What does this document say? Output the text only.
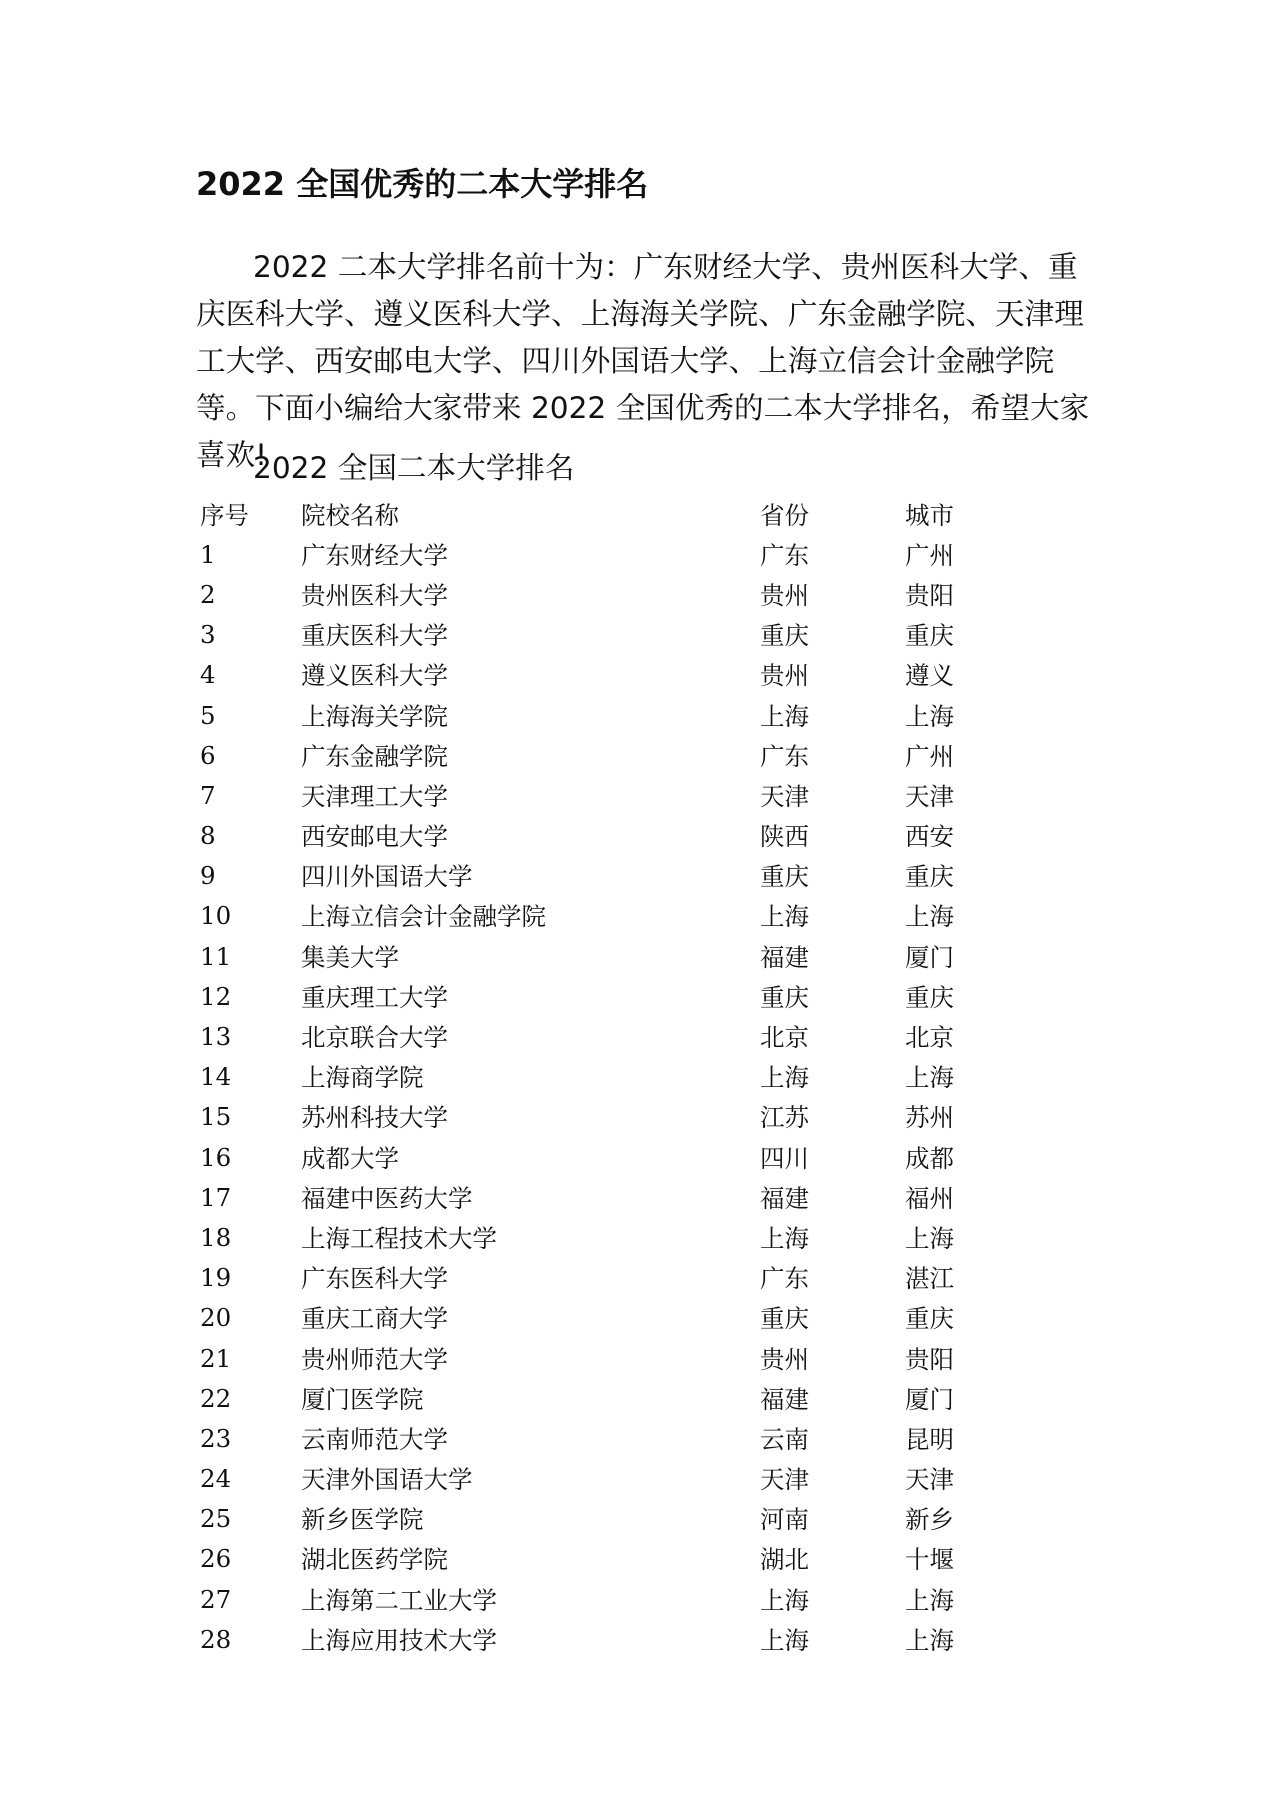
2022 全国优秀的二本大学排名

2022 二本大学排名前十为：广东财经大学、贵州医科大学、重庆医科大学、遵义医科大学、上海海关学院、广东金融学院、天津理工大学、西安邮电大学、四川外国语大学、上海立信会计金融学院等。下面小编给大家带来 2022 全国优秀的二本大学排名，希望大家喜欢!

2022 全国二本大学排名
序号	院校名称	省份	城市
1	广东财经大学	广东	广州
2	贵州医科大学	贵州	贵阳
3	重庆医科大学	重庆	重庆
4	遵义医科大学	贵州	遵义
5	上海海关学院	上海	上海
6	广东金融学院	广东	广州
7	天津理工大学	天津	天津
8	西安邮电大学	陕西	西安
9	四川外国语大学	重庆	重庆
10	上海立信会计金融学院	上海	上海
11	集美大学	福建	厦门
12	重庆理工大学	重庆	重庆
13	北京联合大学	北京	北京
14	上海商学院	上海	上海
15	苏州科技大学	江苏	苏州
16	成都大学	四川	成都
17	福建中医药大学	福建	福州
18	上海工程技术大学	上海	上海
19	广东医科大学	广东	湛江
20	重庆工商大学	重庆	重庆
21	贵州师范大学	贵州	贵阳
22	厦门医学院	福建	厦门
23	云南师范大学	云南	昆明
24	天津外国语大学	天津	天津
25	新乡医学院	河南	新乡
26	湖北医药学院	湖北	十堰
27	上海第二工业大学	上海	上海
28	上海应用技术大学	上海	上海
